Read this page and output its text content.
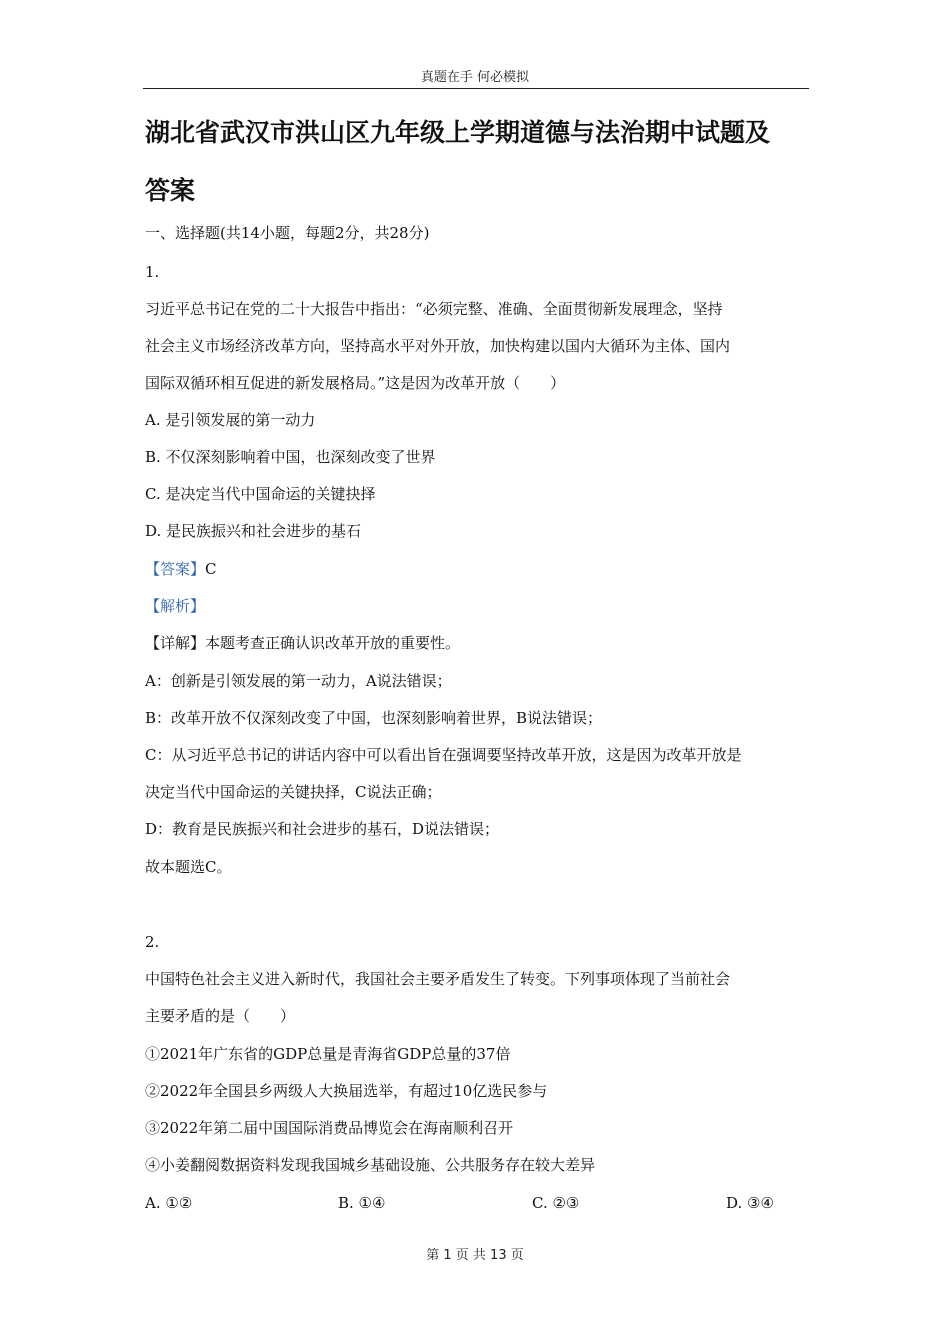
真题在手 何必模拟
湖北省武汉市洪山区九年级上学期道德与法治期中试题及
答案
一、选择题(共14小题，每题2分，共28分)
1.
习近平总书记在党的二十大报告中指出：“必须完整、准确、全面贯彻新发展理念，坚持
社会主义市场经济改革方向，坚持高水平对外开放，加快构建以国内大循环为主体、国内
国际双循环相互促进的新发展格局。”这是因为改革开放（　　）
A. 是引领发展的第一动力
B. 不仅深刻影响着中国，也深刻改变了世界
C. 是决定当代中国命运的关键抉择
D. 是民族振兴和社会进步的基石
【答案】C
【解析】
【详解】本题考查正确认识改革开放的重要性。
A：创新是引领发展的第一动力，A说法错误；
B：改革开放不仅深刻改变了中国，也深刻影响着世界，B说法错误；
C：从习近平总书记的讲话内容中可以看出旨在强调要坚持改革开放，这是因为改革开放是
决定当代中国命运的关键抉择，C说法正确；
D：教育是民族振兴和社会进步的基石，D说法错误；
故本题选C。
2.
中国特色社会主义进入新时代，我国社会主要矛盾发生了转变。下列事项体现了当前社会
主要矛盾的是（　　）
①2021年广东省的GDP总量是青海省GDP总量的37倍
②2022年全国县乡两级人大换届选举，有超过10亿选民参与
③2022年第二届中国国际消费品博览会在海南顺利召开
④小姜翻阅数据资料发现我国城乡基础设施、公共服务存在较大差异
A. ①②	B. ①④	C. ②③	D. ③④
第 1 页 共 13 页
